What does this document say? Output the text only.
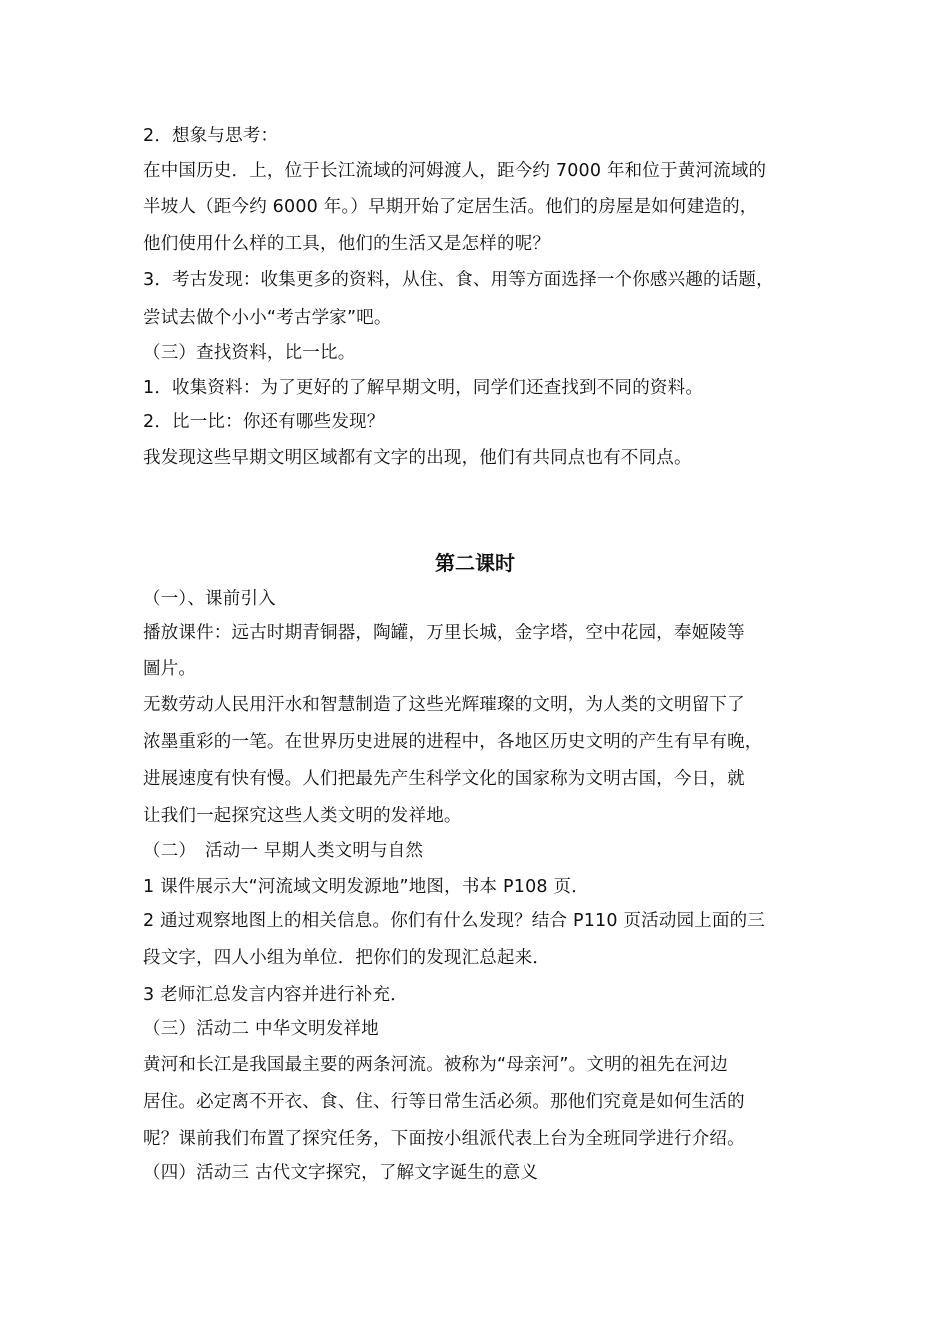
2．想象与思考：
在中国历史．上，位于长江流域的河姆渡人，距今约 7000 年和位于黄河流域的
半坡人（距今约 6000 年。）早期开始了定居生活。他们的房屋是如何建造的，
他们使用什么样的工具，他们的生活又是怎样的呢？
3．考古发现：收集更多的资料，从住、食、用等方面选择一个你感兴趣的话题，
尝试去做个小小“考古学家”吧。
（三）查找资料，比一比。
1．收集资料：为了更好的了解早期文明，同学们还查找到不同的资料。
2．比一比：你还有哪些发现？
我发现这些早期文明区域都有文字的出现，他们有共同点也有不同点。
第二课时
（一）、课前引入
播放课件：远古时期青铜器，陶罐，万里长城，金字塔，空中花园，奉姬陵等
圖片。
无数劳动人民用汗水和智慧制造了这些光辉璀璨的文明，为人类的文明留下了
浓墨重彩的一笔。在世界历史进展的进程中，各地区历史文明的产生有早有晚，
进展速度有快有慢。人们把最先产生科学文化的国家称为文明古国，今日，就
让我们一起探究这些人类文明的发祥地。
（二）　活动一 早期人类文明与自然
1 课件展示大“河流域文明发源地”地图，书本 P108 页．
2 通过观察地图上的相关信息。你们有什么发现？结合 P110 页活动园上面的三
段文字，四人小组为单位．把你们的发现汇总起来．
3 老师汇总发言内容并进行补充．
（三）活动二 中华文明发祥地
黄河和长江是我国最主要的两条河流。被称为“母亲河”。文明的祖先在河边
居住。必定离不开衣、食、住、行等日常生活必须。那他们究竟是如何生活的
呢？课前我们布置了探究任务，下面按小组派代表上台为全班同学进行介绍。
（四）活动三 古代文字探究，了解文字诞生的意义
